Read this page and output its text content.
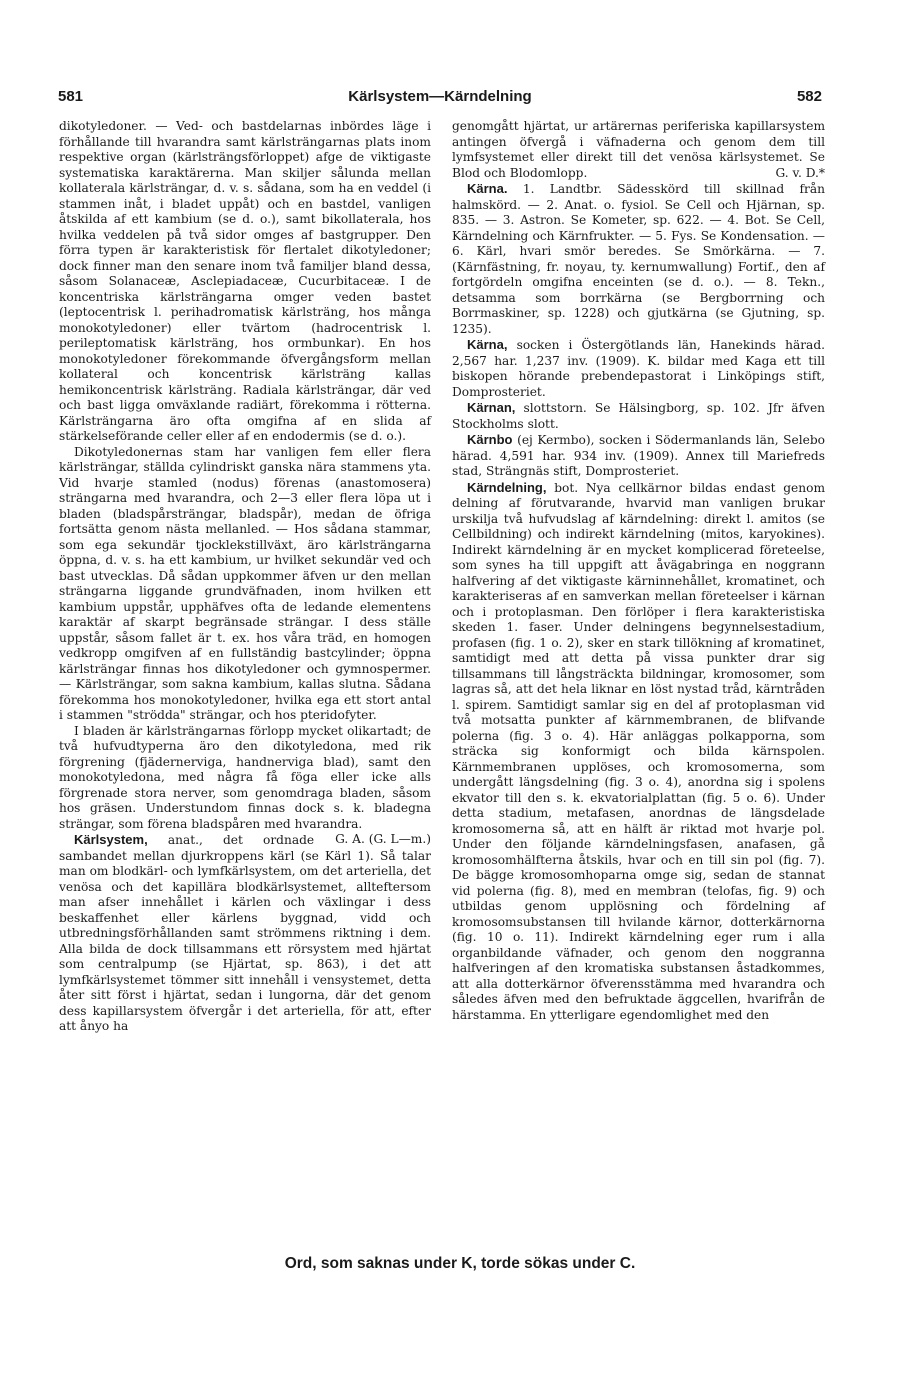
581	Kärlsystem—Kärndelning	582

dikotyledoner. — Ved- och bastdelarnas inbördes läge i förhållande till hvarandra samt kärlsträngarnas plats inom respektive organ (kärlsträngsförloppet) afge de viktigaste systematiska karaktärerna. Man skiljer sålunda mellan kollaterala kärlsträngar, d. v. s. sådana, som ha en veddel (i stammen inåt, i bladet uppåt) och en bastdel, vanligen åtskilda af ett kambium (se d. o.), samt bikollaterala, hos hvilka veddelen på två sidor omges af bastgrupper. Den förra typen är karakteristisk för flertalet dikotyledoner; dock finner man den senare inom två familjer bland dessa, såsom Solanaceæ, Asclepiadaceæ, Cucurbitaceæ. I de koncentriska kärlsträngarna omger veden bastet (leptocentrisk l. perihadromatisk kärlsträng, hos många monokotyledoner) eller tvärtom (hadrocentrisk l. perileptomatisk kärlsträng, hos ormbunkar). En hos monokotyledoner förekommande öfvergångsform mellan kollateral och koncentrisk kärlsträng kallas hemikoncentrisk kärlsträng. Radiala kärlsträngar, där ved och bast ligga omväxlande radiärt, förekomma i rötterna. Kärlsträngarna äro ofta omgifna af en slida af stärkelseförande celler eller af en endodermis (se d. o.).

Dikotyledonernas stam har vanligen fem eller flera kärlsträngar, ställda cylindriskt ganska nära stammens yta. Vid hvarje stamled (nodus) förenas (anastomosera) strängarna med hvarandra, och 2—3 eller flera löpa ut i bladen (bladspårsträngar, bladspår), medan de öfriga fortsätta genom nästa mellanled. — Hos sådana stammar, som ega sekundär tjocklekstillväxt, äro kärlsträngarna öppna, d. v. s. ha ett kambium, ur hvilket sekundär ved och bast utvecklas. Då sådan uppkommer äfven ur den mellan strängarna liggande grundväfnaden, inom hvilken ett kambium uppstår, upphäfves ofta de ledande elementens karaktär af skarpt begränsade strängar. I dess ställe uppstår, såsom fallet är t. ex. hos våra träd, en homogen vedkropp omgifven af en fullständig bastcylinder; öppna kärlsträngar finnas hos dikotyledoner och gymnospermer. — Kärlsträngar, som sakna kambium, kallas slutna. Sådana förekomma hos monokotyledoner, hvilka ega ett stort antal i stammen "strödda" strängar, och hos pteridofyter.

I bladen är kärlsträngarnas förlopp mycket olikartadt; de två hufvudtyperna äro den dikotyledona, med rik förgrening (fjädernerviga, handnerviga blad), samt den monokotyledona, med några få föga eller icke alls förgrenade stora nerver, som genomdraga bladen, såsom hos gräsen. Understundom finnas dock s. k. bladegna strängar, som förena bladspåren med hvarandra.
G. A. (G. L—m.)

Kärlsystem, anat., det ordnade sambandet mellan djurkroppens kärl (se Kärl 1). Så talar man om blodkärl- och lymfkärlsystem, om det arteriella, det venösa och det kapillära blodkärlsystemet, allteftersom man afser innehållet i kärlen och växlingar i dess beskaffenhet eller kärlens byggnad, vidd och utbredningsförhållanden samt strömmens riktning i dem. Alla bilda de dock tillsammans ett rörsystem med hjärtat som centralpump (se Hjärtat, sp. 863), i det att lymfkärlsystemet tömmer sitt innehåll i vensystemet, detta åter sitt först i hjärtat, sedan i lungorna, där det genom dess kapillarsystem öfvergår i det arteriella, för att, efter att ånyo ha

genomgått hjärtat, ur artärernas periferiska kapillarsystem antingen öfvergå i väfnaderna och genom dem till lymfsystemet eller direkt till det venösa kärlsystemet. Se Blod och Blodomlopp.	G. v. D.*

Kärna. 1. Landtbr. Sädesskörd till skillnad från halmskörd. — 2. Anat. o. fysiol. Se Cell och Hjärnan, sp. 835. — 3. Astron. Se Kometer, sp. 622. — 4. Bot. Se Cell, Kärndelning och Kärnfrukter. — 5. Fys. Se Kondensation. — 6. Kärl, hvari smör beredes. Se Smörkärna. — 7. (Kärnfästning, fr. noyau, ty. kernumwallung) Fortif., den af fortgördeln omgifna enceinten (se d. o.). — 8. Tekn., detsamma som borrkärna (se Bergborrning och Borrmaskiner, sp. 1228) och gjutkärna (se Gjutning, sp. 1235).

Kärna, socken i Östergötlands län, Hanekinds härad. 2,567 har. 1,237 inv. (1909). K. bildar med Kaga ett till biskopen hörande prebendepastorat i Linköpings stift, Domprosteriet.

Kärnan, slottstorn. Se Hälsingborg, sp. 102. Jfr äfven Stockholms slott.

Kärnbo (ej Kermbo), socken i Södermanlands län, Selebo härad. 4,591 har. 934 inv. (1909). Annex till Mariefreds stad, Strängnäs stift, Domprosteriet.

Kärndelning, bot. Nya cellkärnor bildas endast genom delning af förutvarande, hvarvid man vanligen brukar urskilja två hufvudslag af kärndelning: direkt l. amitos (se Cellbildning) och indirekt kärndelning (mitos, karyokines). Indirekt kärndelning är en mycket komplicerad företeelse, som synes ha till uppgift att åvägabringa en noggrann halfvering af det viktigaste kärninnehållet, kromatinet, och karakteriseras af en samverkan mellan företeelser i kärnan och i protoplasman. Den förlöper i flera karakteristiska skeden 1. faser. Under delningens begynnelsestadium, profasen (fig. 1 o. 2), sker en stark tillökning af kromatinet, samtidigt med att detta på vissa punkter drar sig tillsammans till långsträckta bildningar, kromosomer, som lagras så, att det hela liknar en löst nystad tråd, kärntråden l. spirem. Samtidigt samlar sig en del af protoplasman vid två motsatta punkter af kärnmembranen, de blifvande polerna (fig. 3 o. 4). Här anläggas polkapporna, som sträcka sig konformigt och bilda kärnspolen. Kärnmembranen upplöses, och kromosomerna, som undergått längsdelning (fig. 3 o. 4), anordna sig i spolens ekvator till den s. k. ekvatorialplattan (fig. 5 o. 6). Under detta stadium, metafasen, anordnas de längsdelade kromosomerna så, att en hälft är riktad mot hvarje pol. Under den följande kärndelningsfasen, anafasen, gå kromosomhälfterna åtskils, hvar och en till sin pol (fig. 7). De bägge kromosomhoparna omge sig, sedan de stannat vid polerna (fig. 8), med en membran (telofas, fig. 9) och utbildas genom upplösning och fördelning af kromosomsubstansen till hvilande kärnor, dotterkärnorna (fig. 10 o. 11). Indirekt kärndelning eger rum i alla organbildande väfnader, och genom den noggranna halfveringen af den kromatiska substansen åstadkommes, att alla dotterkärnor öfverensstämma med hvarandra och således äfven med den befruktade äggcellen, hvarifrån de härstamma. En ytterligare egendomlighet med den

Ord, som saknas under K, torde sökas under C.
